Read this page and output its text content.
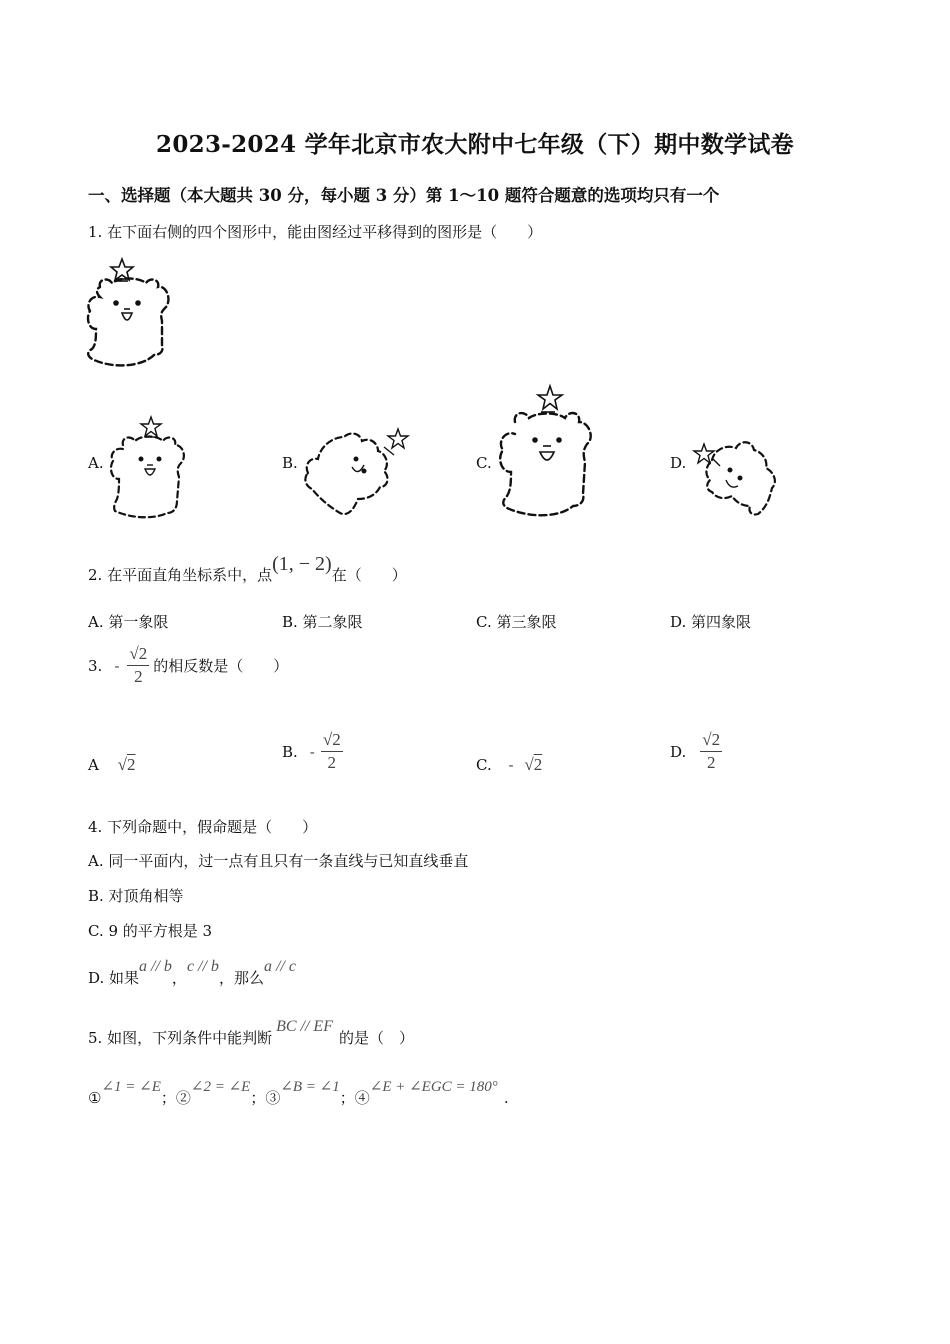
2023-2024 学年北京市农大附中七年级（下）期中数学试卷
一、选择题（本大题共 30 分，每小题 3 分）第 1～10 题符合题意的选项均只有一个
1. 在下面右侧的四个图形中，能由图经过平移得到的图形是（　　）
A.	B.	C.	D.
2. 在平面直角坐标系中，点(1, − 2)在（　　）
A. 第一象限	B. 第二象限	C. 第三象限	D. 第四象限
3. - $\frac{√2}{2}$ 的相反数是（　　）
A √2
B. - $\frac{√2}{2}$	C. - √2
D. $\frac{√2}{2}$
4. 下列命题中，假命题是（　　）
A. 同一平面内，过一点有且只有一条直线与已知直线垂直
B. 对顶角相等
C. 9 的平方根是 3
D. 如果a // b，c // b，那么a // c
5. 如图，下列条件中能判断BC // EF的是（　）
①∠1 = ∠E；②∠2 = ∠E；③∠B = ∠1；④∠E + ∠EGC = 180°.
